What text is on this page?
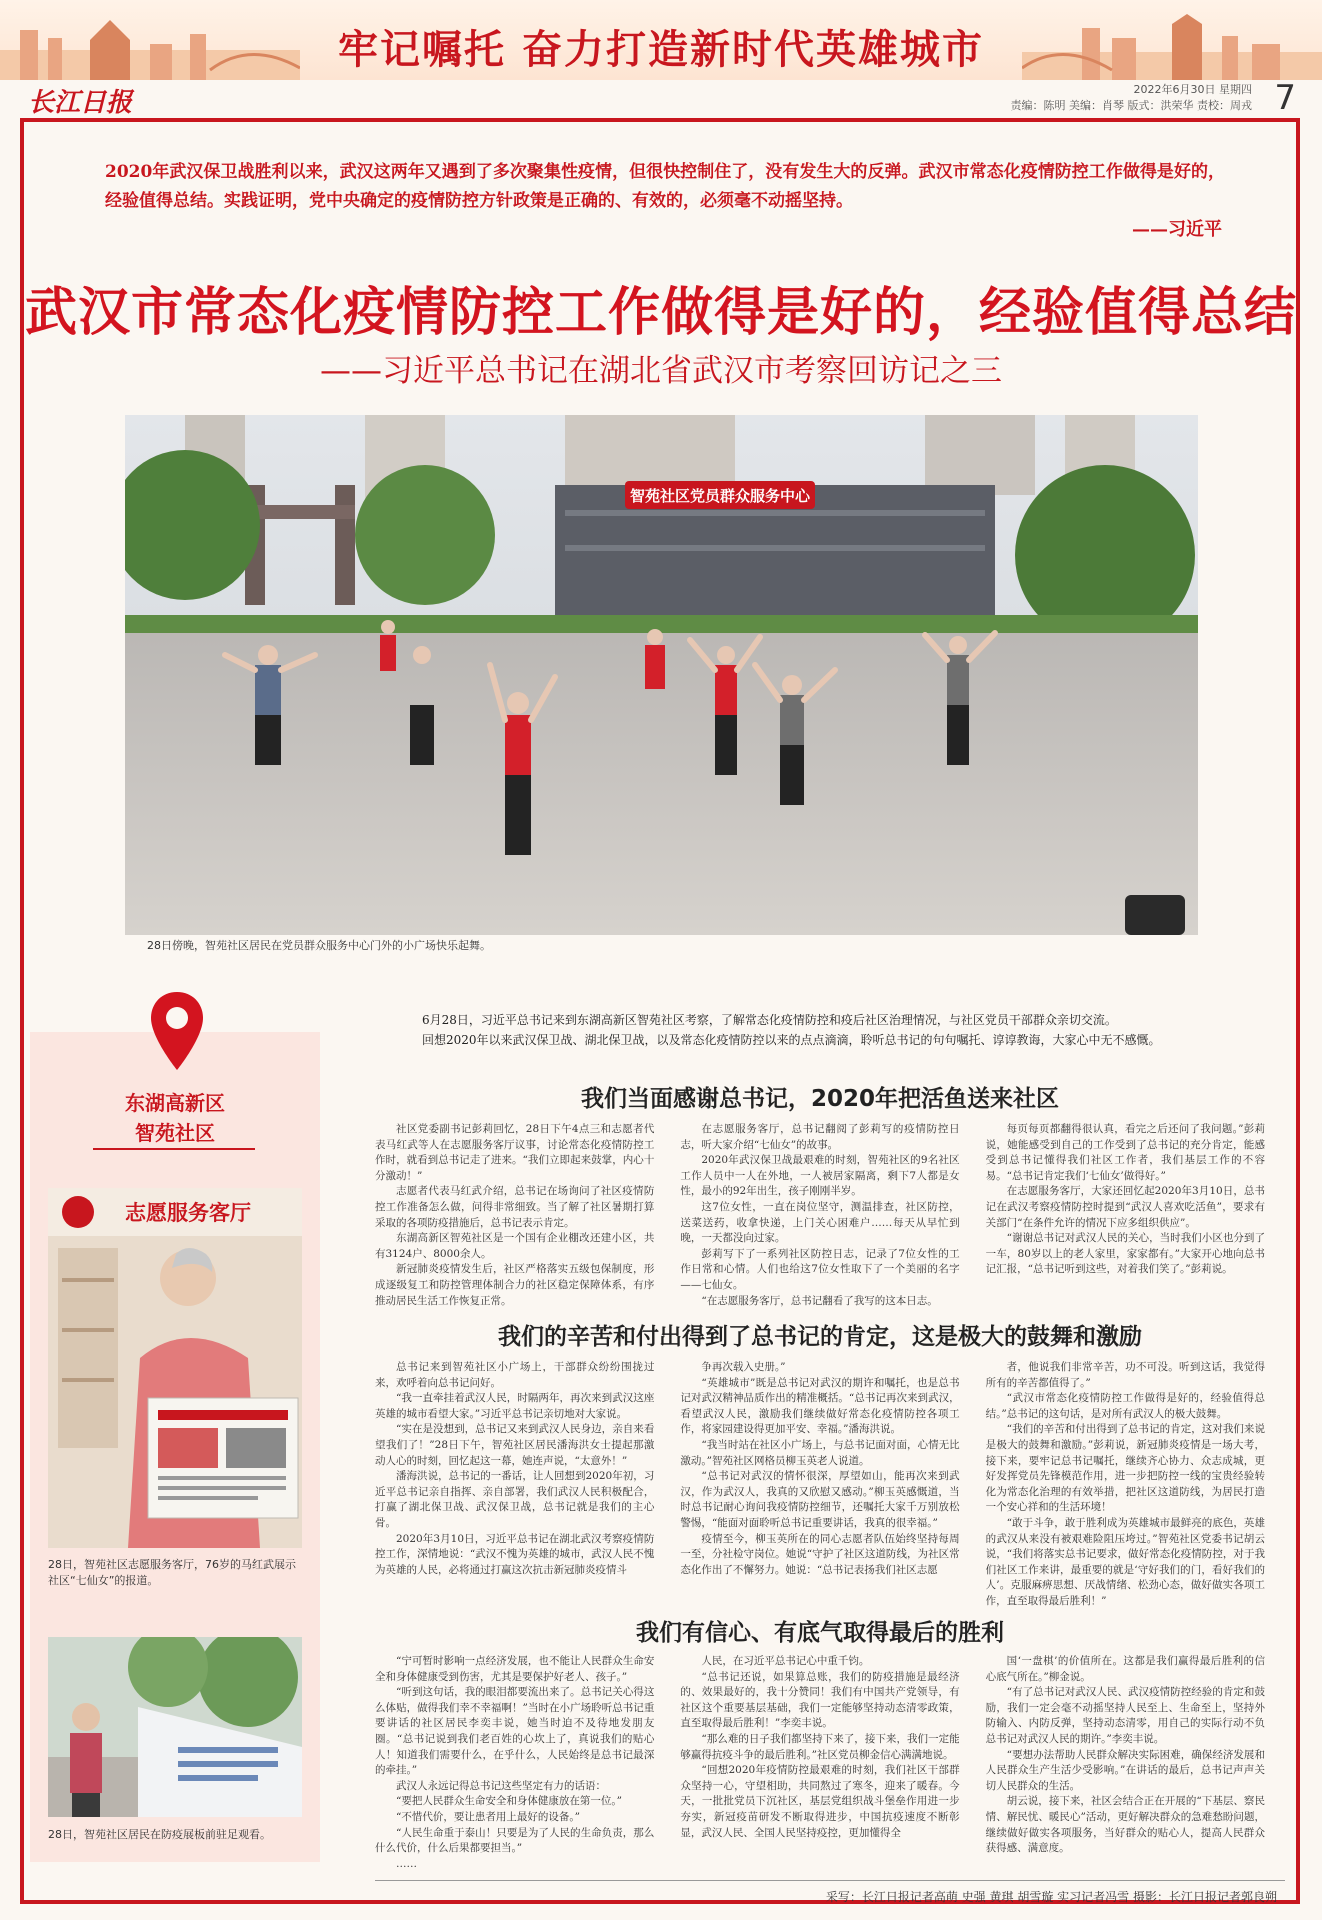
牢记嘱托 奋力打造新时代英雄城市
长江日报	2022年6月30日 星期四
责编：陈明 美编：肖琴 版式：洪荣华 责校：周戎 7
2020年武汉保卫战胜利以来，武汉这两年又遇到了多次聚集性疫情，但很快控制住了，没有发生大的反弹。武汉市常态化疫情防控工作做得是好的，经验值得总结。实践证明，党中央确定的疫情防控方针政策是正确的、有效的，必须毫不动摇坚持。
——习近平
武汉市常态化疫情防控工作做得是好的，经验值得总结
——习近平总书记在湖北省武汉市考察回访记之三
智苑社区党员群众服务中心
28日傍晚，智苑社区居民在党员群众服务中心门外的小广场快乐起舞。
东湖高新区
智苑社区
志愿服务客厅
28日，智苑社区志愿服务客厅，76岁的马红武展示社区“七仙女”的报道。
28日，智苑社区居民在防疫展板前驻足观看。
6月28日，习近平总书记来到东湖高新区智苑社区考察，了解常态化疫情防控和疫后社区治理情况，与社区党员干部群众亲切交流。
回想2020年以来武汉保卫战、湖北保卫战，以及常态化疫情防控以来的点点滴滴，聆听总书记的句句嘱托、谆谆教诲，大家心中无不感慨。
我们当面感谢总书记，2020年把活鱼送来社区

社区党委副书记彭莉回忆，28日下午4点三和志愿者代表马红武等人在志愿服务客厅议事，讨论常态化疫情防控工作时，就看到总书记走了进来。“我们立即起来鼓掌，内心十分激动！”

志愿者代表马红武介绍，总书记在场询问了社区疫情防控工作准备怎么做，问得非常细致。当了解了社区暑期打算采取的各项防疫措施后，总书记表示肯定。

东湖高新区智苑社区是一个国有企业棚改还建小区，共有3124户、8000余人。

新冠肺炎疫情发生后，社区严格落实五级包保制度，形成逐级复工和防控管理体制合力的社区稳定保障体系，有序推动居民生活工作恢复正常。

在志愿服务客厅，总书记翻阅了彭莉写的疫情防控日志，听大家介绍“七仙女”的故事。

2020年武汉保卫战最艰难的时刻，智苑社区的9名社区工作人员中一人在外地，一人被居家隔离，剩下7人都是女性，最小的92年出生，孩子刚刚半岁。

这7位女性，一直在岗位坚守，测温排查，社区防控，送菜送药，收拿快递，上门关心困难户……每天从早忙到晚，一天都没向过家。

彭莉写下了一系列社区防控日志，记录了7位女性的工作日常和心情。人们也给这7位女性取下了一个美丽的名字——七仙女。

“在志愿服务客厅，总书记翻看了我写的这本日志。

每页每页都翻得很认真，看完之后还问了我问题。”彭莉说，她能感受到自己的工作受到了总书记的充分肯定，能感受到总书记懂得我们社区工作者，我们基层工作的不容易。“总书记肯定我们‘七仙女’做得好。”

在志愿服务客厅，大家还回忆起2020年3月10日，总书记在武汉考察疫情防控时提到“武汉人喜欢吃活鱼”，要求有关部门“在条件允许的情况下应多组织供应”。

“谢谢总书记对武汉人民的关心，当时我们小区也分到了一车，80岁以上的老人家里，家家都有。”大家开心地向总书记汇报，“总书记听到这些，对着我们笑了。”彭莉说。

我们的辛苦和付出得到了总书记的肯定，这是极大的鼓舞和激励

总书记来到智苑社区小广场上，干部群众纷纷围拢过来，欢呼着向总书记问好。

“我一直牵挂着武汉人民，时隔两年，再次来到武汉这座英雄的城市看望大家。”习近平总书记亲切地对大家说。

“实在是没想到，总书记又来到武汉人民身边，亲自来看望我们了！”28日下午，智苑社区居民潘海洪女士提起那激动人心的时刻，回忆起这一幕，她连声说，“太意外！”

潘海洪说，总书记的一番话，让人回想到2020年初，习近平总书记亲自指挥、亲自部署，我们武汉人民积极配合，打赢了湖北保卫战、武汉保卫战，总书记就是我们的主心骨。

2020年3月10日，习近平总书记在湖北武汉考察疫情防控工作，深情地说：“武汉不愧为英雄的城市，武汉人民不愧为英雄的人民，必将通过打赢这次抗击新冠肺炎疫情斗

争再次载入史册。”

“英雄城市”既是总书记对武汉的期许和嘱托，也是总书记对武汉精神品质作出的精准概括。“总书记再次来到武汉，看望武汉人民，激励我们继续做好常态化疫情防控各项工作，将家园建设得更加平安、幸福。”潘海洪说。

“我当时站在社区小广场上，与总书记面对面，心情无比激动。”智苑社区网格员柳玉英老人说道。

“总书记对武汉的情怀很深，厚望如山，能再次来到武汉，作为武汉人，我真的又欣慰又感动。”柳玉英感慨道，当时总书记耐心询问我疫情防控细节，还嘱托大家千万别放松警惕，“能面对面聆听总书记重要讲话，我真的很幸福。”

疫情至今，柳玉英所在的同心志愿者队伍始终坚持每周一至，分社检守岗位。她说“守护了社区这道防线，为社区常态化作出了不懈努力。她说：“总书记表扬我们社区志愿

者，他说我们非常辛苦，功不可没。听到这话，我觉得所有的辛苦都值得了。”

“武汉市常态化疫情防控工作做得是好的，经验值得总结。”总书记的这句话，是对所有武汉人的极大鼓舞。

“我们的辛苦和付出得到了总书记的肯定，这对我们来说是极大的鼓舞和激励。”彭莉说，新冠肺炎疫情是一场大考，接下来，要牢记总书记嘱托，继续齐心协力、众志成城，更好发挥党员先锋模范作用，进一步把防控一线的宝贵经验转化为常态化治理的有效举措，把社区这道防线，为居民打造一个安心祥和的生活环境！

“敢于斗争，敢于胜利成为英雄城市最鲜亮的底色，英雄的武汉从来没有被艰难险阻压垮过。”智苑社区党委书记胡云说，“我们将落实总书记要求，做好常态化疫情防控，对于我们社区工作来讲，最重要的就是‘守好我们的门，看好我们的人’。克服麻痹思想、厌战情绪、松劲心态，做好做实各项工作，直至取得最后胜利！”

我们有信心、有底气取得最后的胜利

“宁可暂时影响一点经济发展，也不能让人民群众生命安全和身体健康受到伤害，尤其是要保护好老人、孩子。”

“听到这句话，我的眼泪都要流出来了。总书记关心得这么体贴，做得我们幸不幸福啊！”当时在小广场聆听总书记重要讲话的社区居民李奕丰说，她当时迫不及待地发朋友圈。“总书记说到我们老百姓的心坎上了，真说我们的贴心人！知道我们需要什么，在乎什么，人民始终是总书记最深的牵挂。”

武汉人永远记得总书记这些坚定有力的话语：

“要把人民群众生命安全和身体健康放在第一位。”

“不惜代价，要让患者用上最好的设备。”

“人民生命重于泰山！只要是为了人民的生命负责，那么什么代价，什么后果都要担当。”

……

人民，在习近平总书记心中重千钧。

“总书记还说，如果算总账，我们的防疫措施是最经济的、效果最好的，我十分赞同！我们有中国共产党领导，有社区这个重要基层基础，我们一定能够坚持动态清零政策，直至取得最后胜利！”李奕丰说。

“那么难的日子我们都坚持下来了，接下来，我们一定能够赢得抗疫斗争的最后胜利。”社区党员柳金信心满满地说。

“回想2020年疫情防控最艰难的时刻，我们社区干部群众坚持一心，守望相助，共同熬过了寒冬，迎来了暖春。今天，一批批党员下沉社区，基层党组织战斗堡垒作用进一步夯实，新冠疫苗研发不断取得进步，中国抗疫速度不断彰显，武汉人民、全国人民坚持疫控，更加懂得全

国‘一盘棋’的价值所在。这都是我们赢得最后胜利的信心底气所在。”柳金说。

“有了总书记对武汉人民、武汉疫情防控经验的肯定和鼓励，我们一定会毫不动摇坚持人民至上、生命至上，坚持外防输入、内防反弹，坚持动态清零，用自己的实际行动不负总书记对武汉人民的期许。”李奕丰说。

“要想办法帮助人民群众解决实际困难，确保经济发展和人民群众生产生活少受影响。”在讲话的最后，总书记声声关切人民群众的生活。

胡云说，接下来，社区会结合正在开展的“下基层、察民情、解民忧、暖民心”活动，更好解决群众的急难愁盼问题，继续做好做实各项服务，当好群众的贴心人，提高人民群众获得感、满意度。

采写：长江日报记者高萌 史强 黄琪 胡雪璇 实习记者冯雪 摄影：长江日报记者郭良朔
